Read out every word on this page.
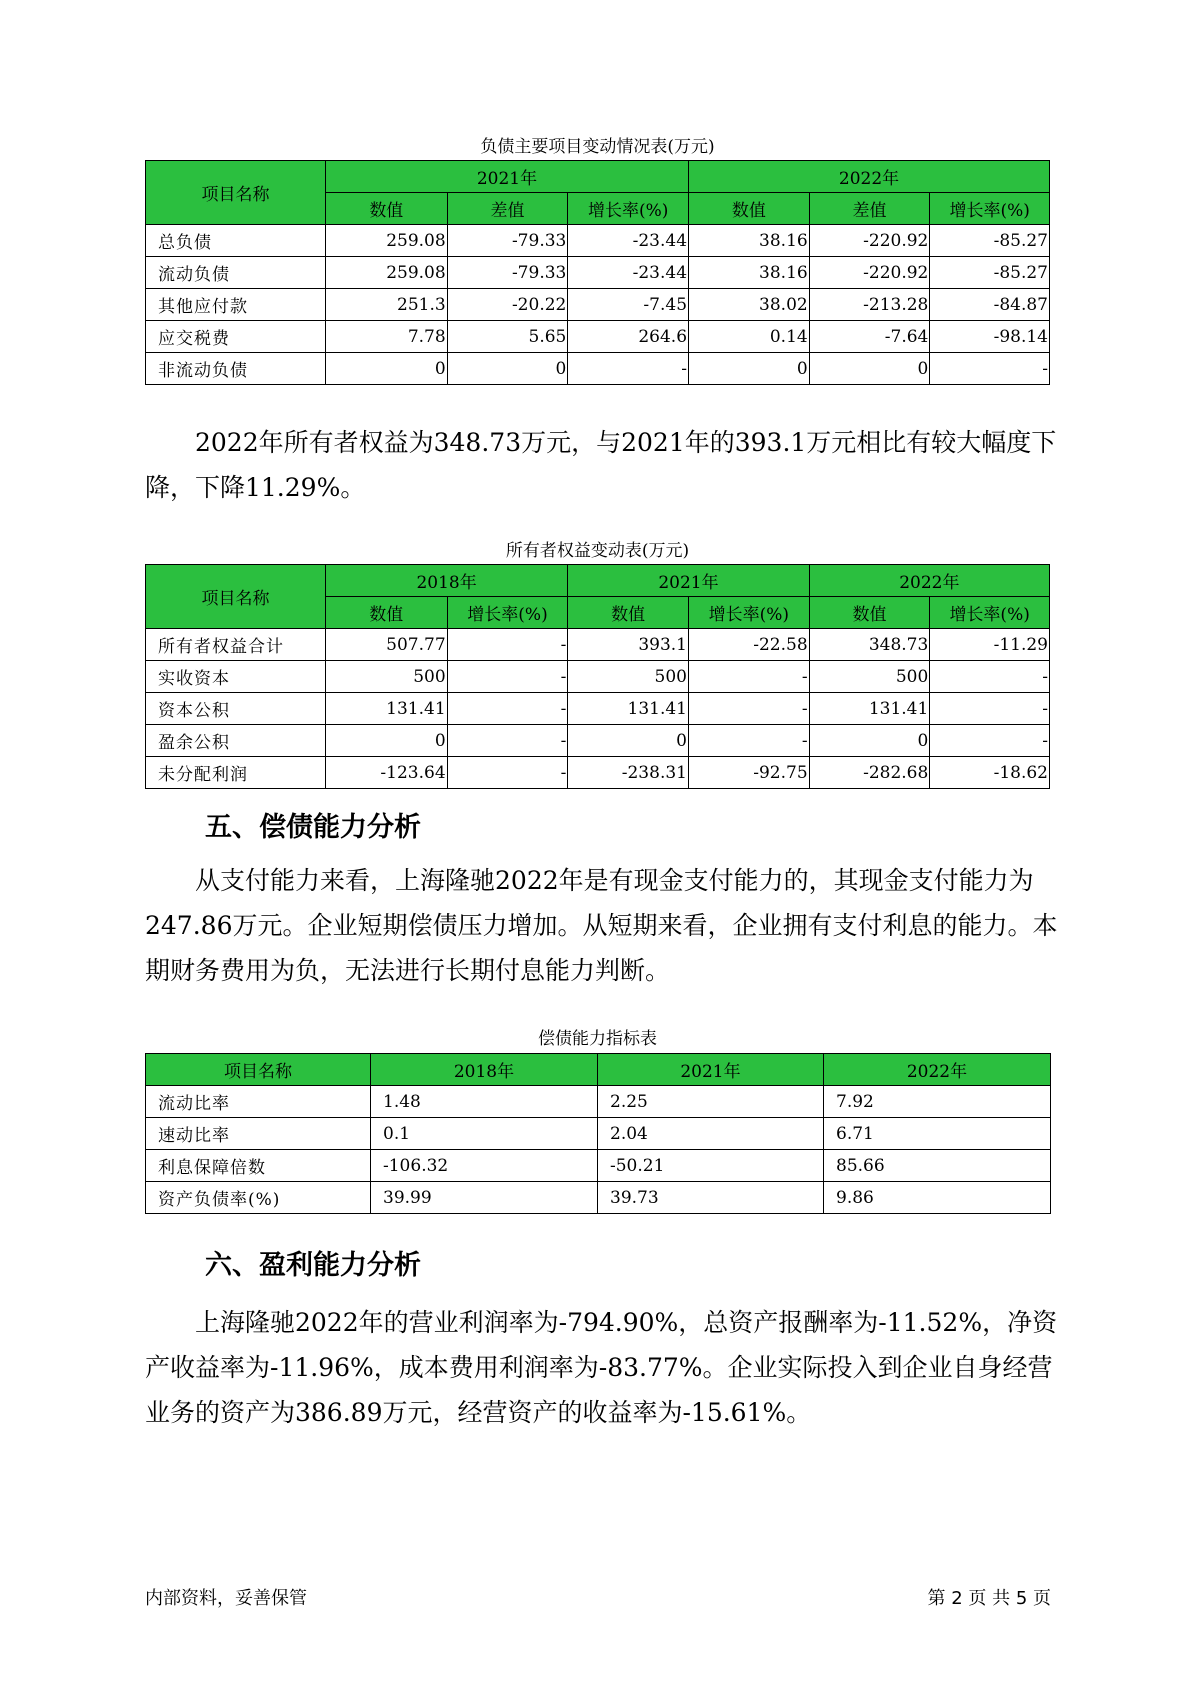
负债主要项目变动情况表(万元)
项目名称	2021年			2022年		
	数值	差值	增长率(%)	数值	差值	增长率(%)
总负债	259.08	-79.33	-23.44	38.16	-220.92	-85.27
流动负债	259.08	-79.33	-23.44	38.16	-220.92	-85.27
其他应付款	251.3	-20.22	-7.45	38.02	-213.28	-84.87
应交税费	7.78	5.65	264.6	0.14	-7.64	-98.14
非流动负债	0	0	-	0	0	-

2022年所有者权益为348.73万元，与2021年的393.1万元相比有较大幅度下降，下降11.29%。

所有者权益变动表(万元)
项目名称	2018年		2021年		2022年	
	数值	增长率(%)	数值	增长率(%)	数值	增长率(%)
所有者权益合计	507.77	-	393.1	-22.58	348.73	-11.29
实收资本	500	-	500	-	500	-
资本公积	131.41	-	131.41	-	131.41	-
盈余公积	0	-	0	-	0	-
未分配利润	-123.64	-	-238.31	-92.75	-282.68	-18.62
五、偿债能力分析

从支付能力来看，上海隆驰2022年是有现金支付能力的，其现金支付能力为247.86万元。企业短期偿债压力增加。从短期来看，企业拥有支付利息的能力。本期财务费用为负，无法进行长期付息能力判断。

偿债能力指标表
项目名称	2018年	2021年	2022年
流动比率	1.48	2.25	7.92
速动比率	0.1	2.04	6.71
利息保障倍数	-106.32	-50.21	85.66
资产负债率(%)	39.99	39.73	9.86
六、盈利能力分析

上海隆驰2022年的营业利润率为-794.90%，总资产报酬率为-11.52%，净资产收益率为-11.96%，成本费用利润率为-83.77%。企业实际投入到企业自身经营业务的资产为386.89万元，经营资产的收益率为-15.61%。

内部资料，妥善保管	第 2 页 共 5 页
